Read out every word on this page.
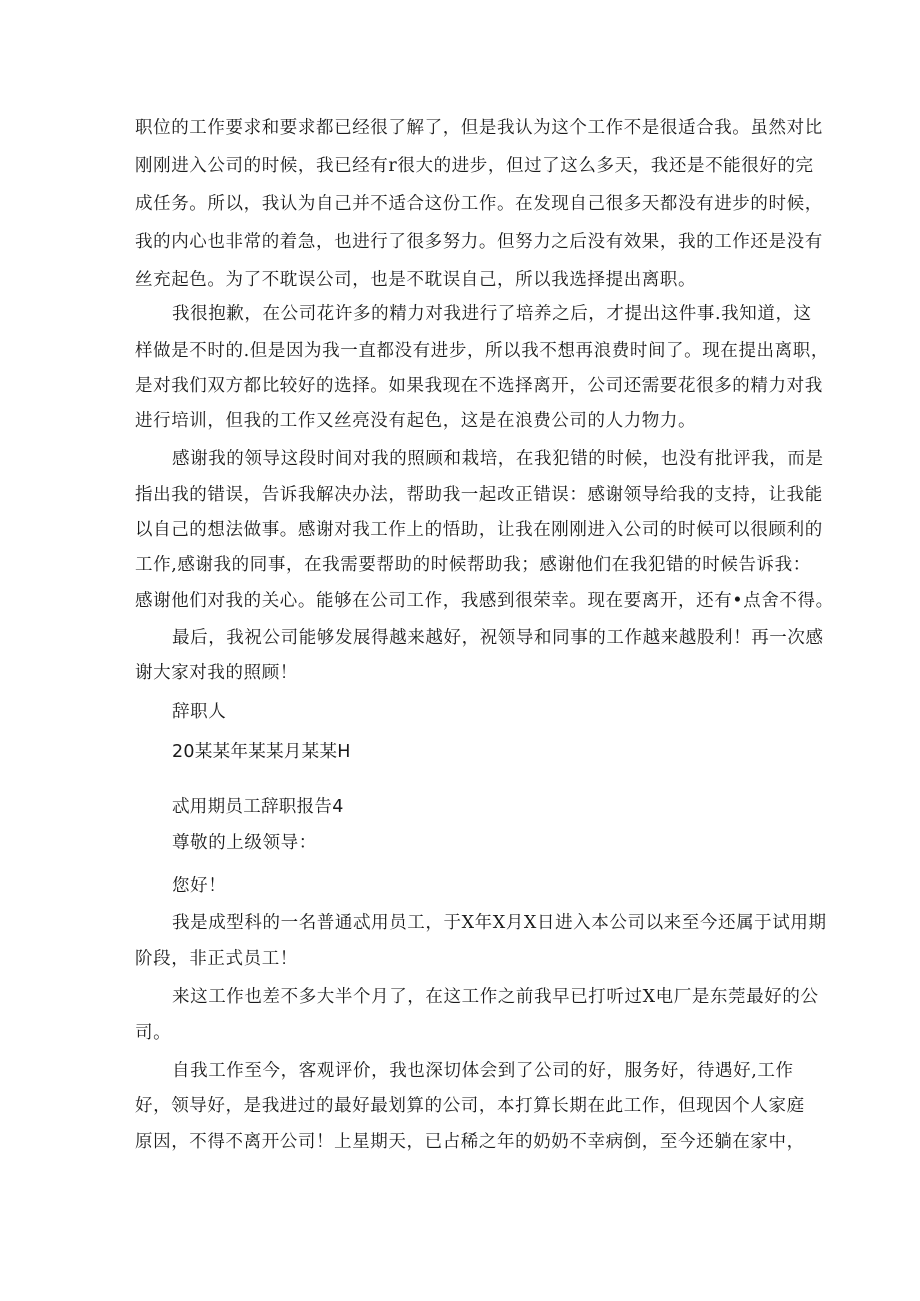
职位的工作要求和要求都已经很了解了，但是我认为这个工作不是很适合我。虽然对比
刚刚进入公司的时候，我已经有r很大的进步，但过了这么多天，我还是不能很好的完
成任务。所以，我认为自己并不适合这份工作。在发现自己很多天都没有进步的时候，
我的内心也非常的着急，也进行了很多努力。但努力之后没有效果，我的工作还是没有
丝充起色。为了不耽误公司，也是不耽误自己，所以我选择提出离职。
我很抱歉，在公司花许多的精力对我进行了培养之后，才提出这件事.我知道，这
样做是不时的.但是因为我一直都没有进步，所以我不想再浪费时间了。现在提出离职，
是对我们双方都比较好的选择。如果我现在不选择离开，公司还需要花很多的精力对我
进行培训，但我的工作又丝亮没有起色，这是在浪费公司的人力物力。
感谢我的领导这段时间对我的照顾和栽培，在我犯错的时候，也没有批评我，而是
指出我的错误，告诉我解决办法，帮助我一起改正错误：感谢领导给我的支持，让我能
以自己的想法做事。感谢对我工作上的悟助，让我在刚刚进入公司的时候可以很顾利的
工作,感谢我的同事，在我需要帮助的时候帮助我；感谢他们在我犯错的时候告诉我：
感谢他们对我的关心。能够在公司工作，我感到很荣幸。现在要离开，还有•点舍不得。
最后，我祝公司能够发展得越来越好，祝领导和同事的工作越来越股利！再一次感
谢大家对我的照顾！
辞职人
20某某年某某月某某H
忒用期员工辞职报告4
尊敬的上级领导：
您好！
我是成型科的一名普通忒用员工，于X年X月X日进入本公司以来至今还属于试用期
阶段，非正式员工！
来这工作也差不多大半个月了，在这工作之前我早已打听过X电厂是东莞最好的公
司。
自我工作至今，客观评价，我也深切体会到了公司的好，服务好，待遇好,工作
好，领导好，是我进过的最好最划算的公司，本打算长期在此工作，但现因个人家庭
原因，不得不离开公司！上星期天，已占稀之年的奶奶不幸病倒，至今还躺在家中，
